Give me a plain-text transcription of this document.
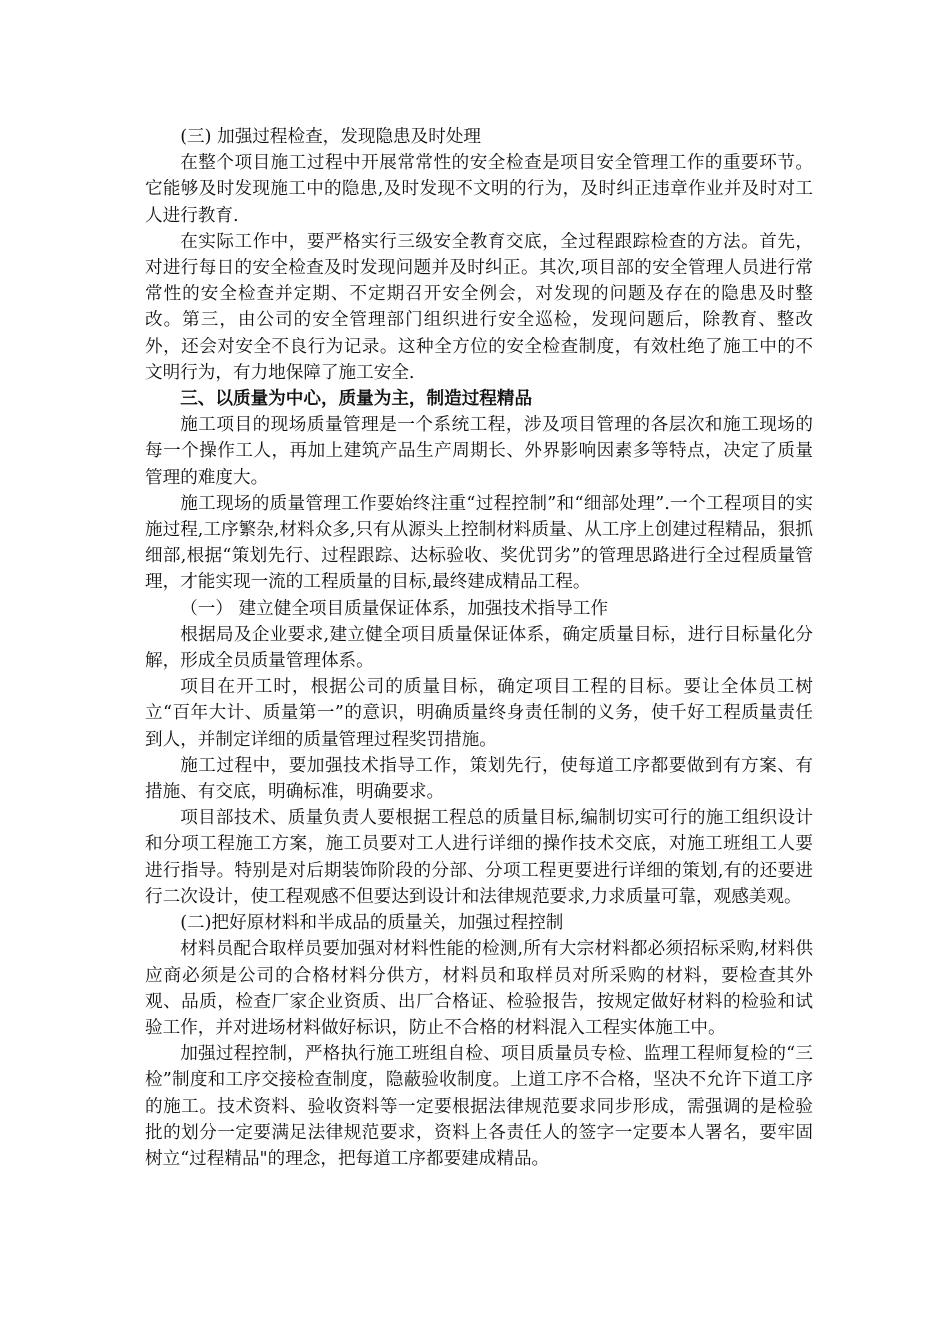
(三) 加强过程检查，发现隐患及时处理

在整个项目施工过程中开展常常性的安全检查是项目安全管理工作的重要环节。它能够及时发现施工中的隐患,及时发现不文明的行为，及时纠正违章作业并及时对工人进行教育.

在实际工作中，要严格实行三级安全教育交底，全过程跟踪检查的方法。首先，对进行每日的安全检查及时发现问题并及时纠正。其次,项目部的安全管理人员进行常常性的安全检查并定期、不定期召开安全例会，对发现的问题及存在的隐患及时整改。第三，由公司的安全管理部门组织进行安全巡检，发现问题后，除教育、整改外，还会对安全不良行为记录。这种全方位的安全检查制度，有效杜绝了施工中的不文明行为，有力地保障了施工安全.

三、以质量为中心，质量为主，制造过程精品

施工项目的现场质量管理是一个系统工程，涉及项目管理的各层次和施工现场的每一个操作工人，再加上建筑产品生产周期长、外界影响因素多等特点，决定了质量管理的难度大。

施工现场的质量管理工作要始终注重“过程控制”和“细部处理”.一个工程项目的实施过程,工序繁杂,材料众多,只有从源头上控制材料质量、从工序上创建过程精品，狠抓细部,根据“策划先行、过程跟踪、达标验收、奖优罚劣”的管理思路进行全过程质量管理，才能实现一流的工程质量的目标,最终建成精品工程。

（一） 建立健全项目质量保证体系，加强技术指导工作

根据局及企业要求,建立健全项目质量保证体系，确定质量目标，进行目标量化分解，形成全员质量管理体系。

项目在开工时，根据公司的质量目标，确定项目工程的目标。要让全体员工树立“百年大计、质量第一”的意识，明确质量终身责任制的义务，使千好工程质量责任到人，并制定详细的质量管理过程奖罚措施。

施工过程中，要加强技术指导工作，策划先行，使每道工序都要做到有方案、有措施、有交底，明确标准，明确要求。

项目部技术、质量负责人要根据工程总的质量目标,编制切实可行的施工组织设计和分项工程施工方案，施工员要对工人进行详细的操作技术交底，对施工班组工人要进行指导。特别是对后期装饰阶段的分部、分项工程更要进行详细的策划,有的还要进行二次设计，使工程观感不但要达到设计和法律规范要求,力求质量可靠，观感美观。

(二)把好原材料和半成品的质量关，加强过程控制

材料员配合取样员要加强对材料性能的检测,所有大宗材料都必须招标采购,材料供应商必须是公司的合格材料分供方，材料员和取样员对所采购的材料，要检查其外观、品质，检查厂家企业资质、出厂合格证、检验报告，按规定做好材料的检验和试验工作，并对进场材料做好标识，防止不合格的材料混入工程实体施工中。

加强过程控制，严格执行施工班组自检、项目质量员专检、监理工程师复检的“三检”制度和工序交接检查制度，隐蔽验收制度。上道工序不合格，坚决不允许下道工序的施工。技术资料、验收资料等一定要根据法律规范要求同步形成，需强调的是检验批的划分一定要满足法律规范要求，资料上各责任人的签字一定要本人署名，要牢固树立“过程精品"的理念，把每道工序都要建成精品。
